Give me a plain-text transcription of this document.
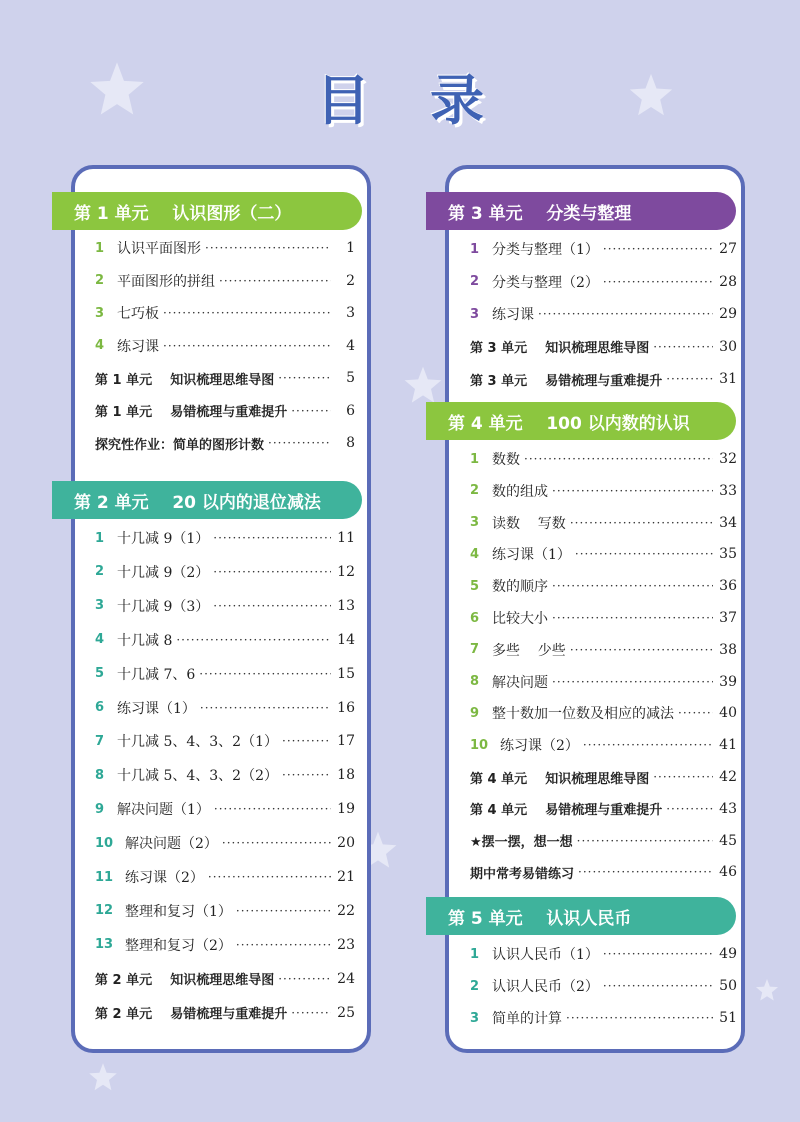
目录
第 1 单元    认识图形（二）
1 认识平面图形 ·····	1
2 平面图形的拼组 ·····	2
3 七巧板 ·····	3
4 练习课 ·····	4
第 1 单元    知识梳理思维导图 ·····	5
第 1 单元    易错梳理与重难提升 ·····	6
探究性作业：简单的图形计数 ·····	8
第 2 单元    20 以内的退位减法
1 十几减 9（1） ·····	11
2 十几减 9（2） ·····	12
3 十几减 9（3） ·····	13
4 十几减 8 ·····	14
5 十几减 7、6 ·····	15
6 练习课（1） ·····	16
7 十几减 5、4、3、2（1） ·····	17
8 十几减 5、4、3、2（2） ·····	18
9 解决问题（1） ·····	19
10 解决问题（2） ·····	20
11 练习课（2） ·····	21
12 整理和复习（1） ·····	22
13 整理和复习（2） ·····	23
第 2 单元    知识梳理思维导图 ·····	24
第 2 单元    易错梳理与重难提升 ·····	25
第 3 单元    分类与整理
1 分类与整理（1） ·····	27
2 分类与整理（2） ·····	28
3 练习课 ·····	29
第 3 单元    知识梳理思维导图 ·····	30
第 3 单元    易错梳理与重难提升 ·····	31
第 4 单元    100 以内数的认识
1 数数 ·····	32
2 数的组成 ·····	33
3 读数    写数 ·····	34
4 练习课（1） ·····	35
5 数的顺序 ·····	36
6 比较大小 ·····	37
7 多些    少些 ·····	38
8 解决问题 ·····	39
9 整十数加一位数及相应的减法 ·····	40
10 练习课（2） ·····	41
第 4 单元    知识梳理思维导图 ·····	42
第 4 单元    易错梳理与重难提升 ·····	43
★摆一摆，想一想 ·····	45
期中常考易错练习 ·····	46
第 5 单元    认识人民币
1 认识人民币（1） ·····	49
2 认识人民币（2） ·····	50
3 简单的计算 ·····	51
